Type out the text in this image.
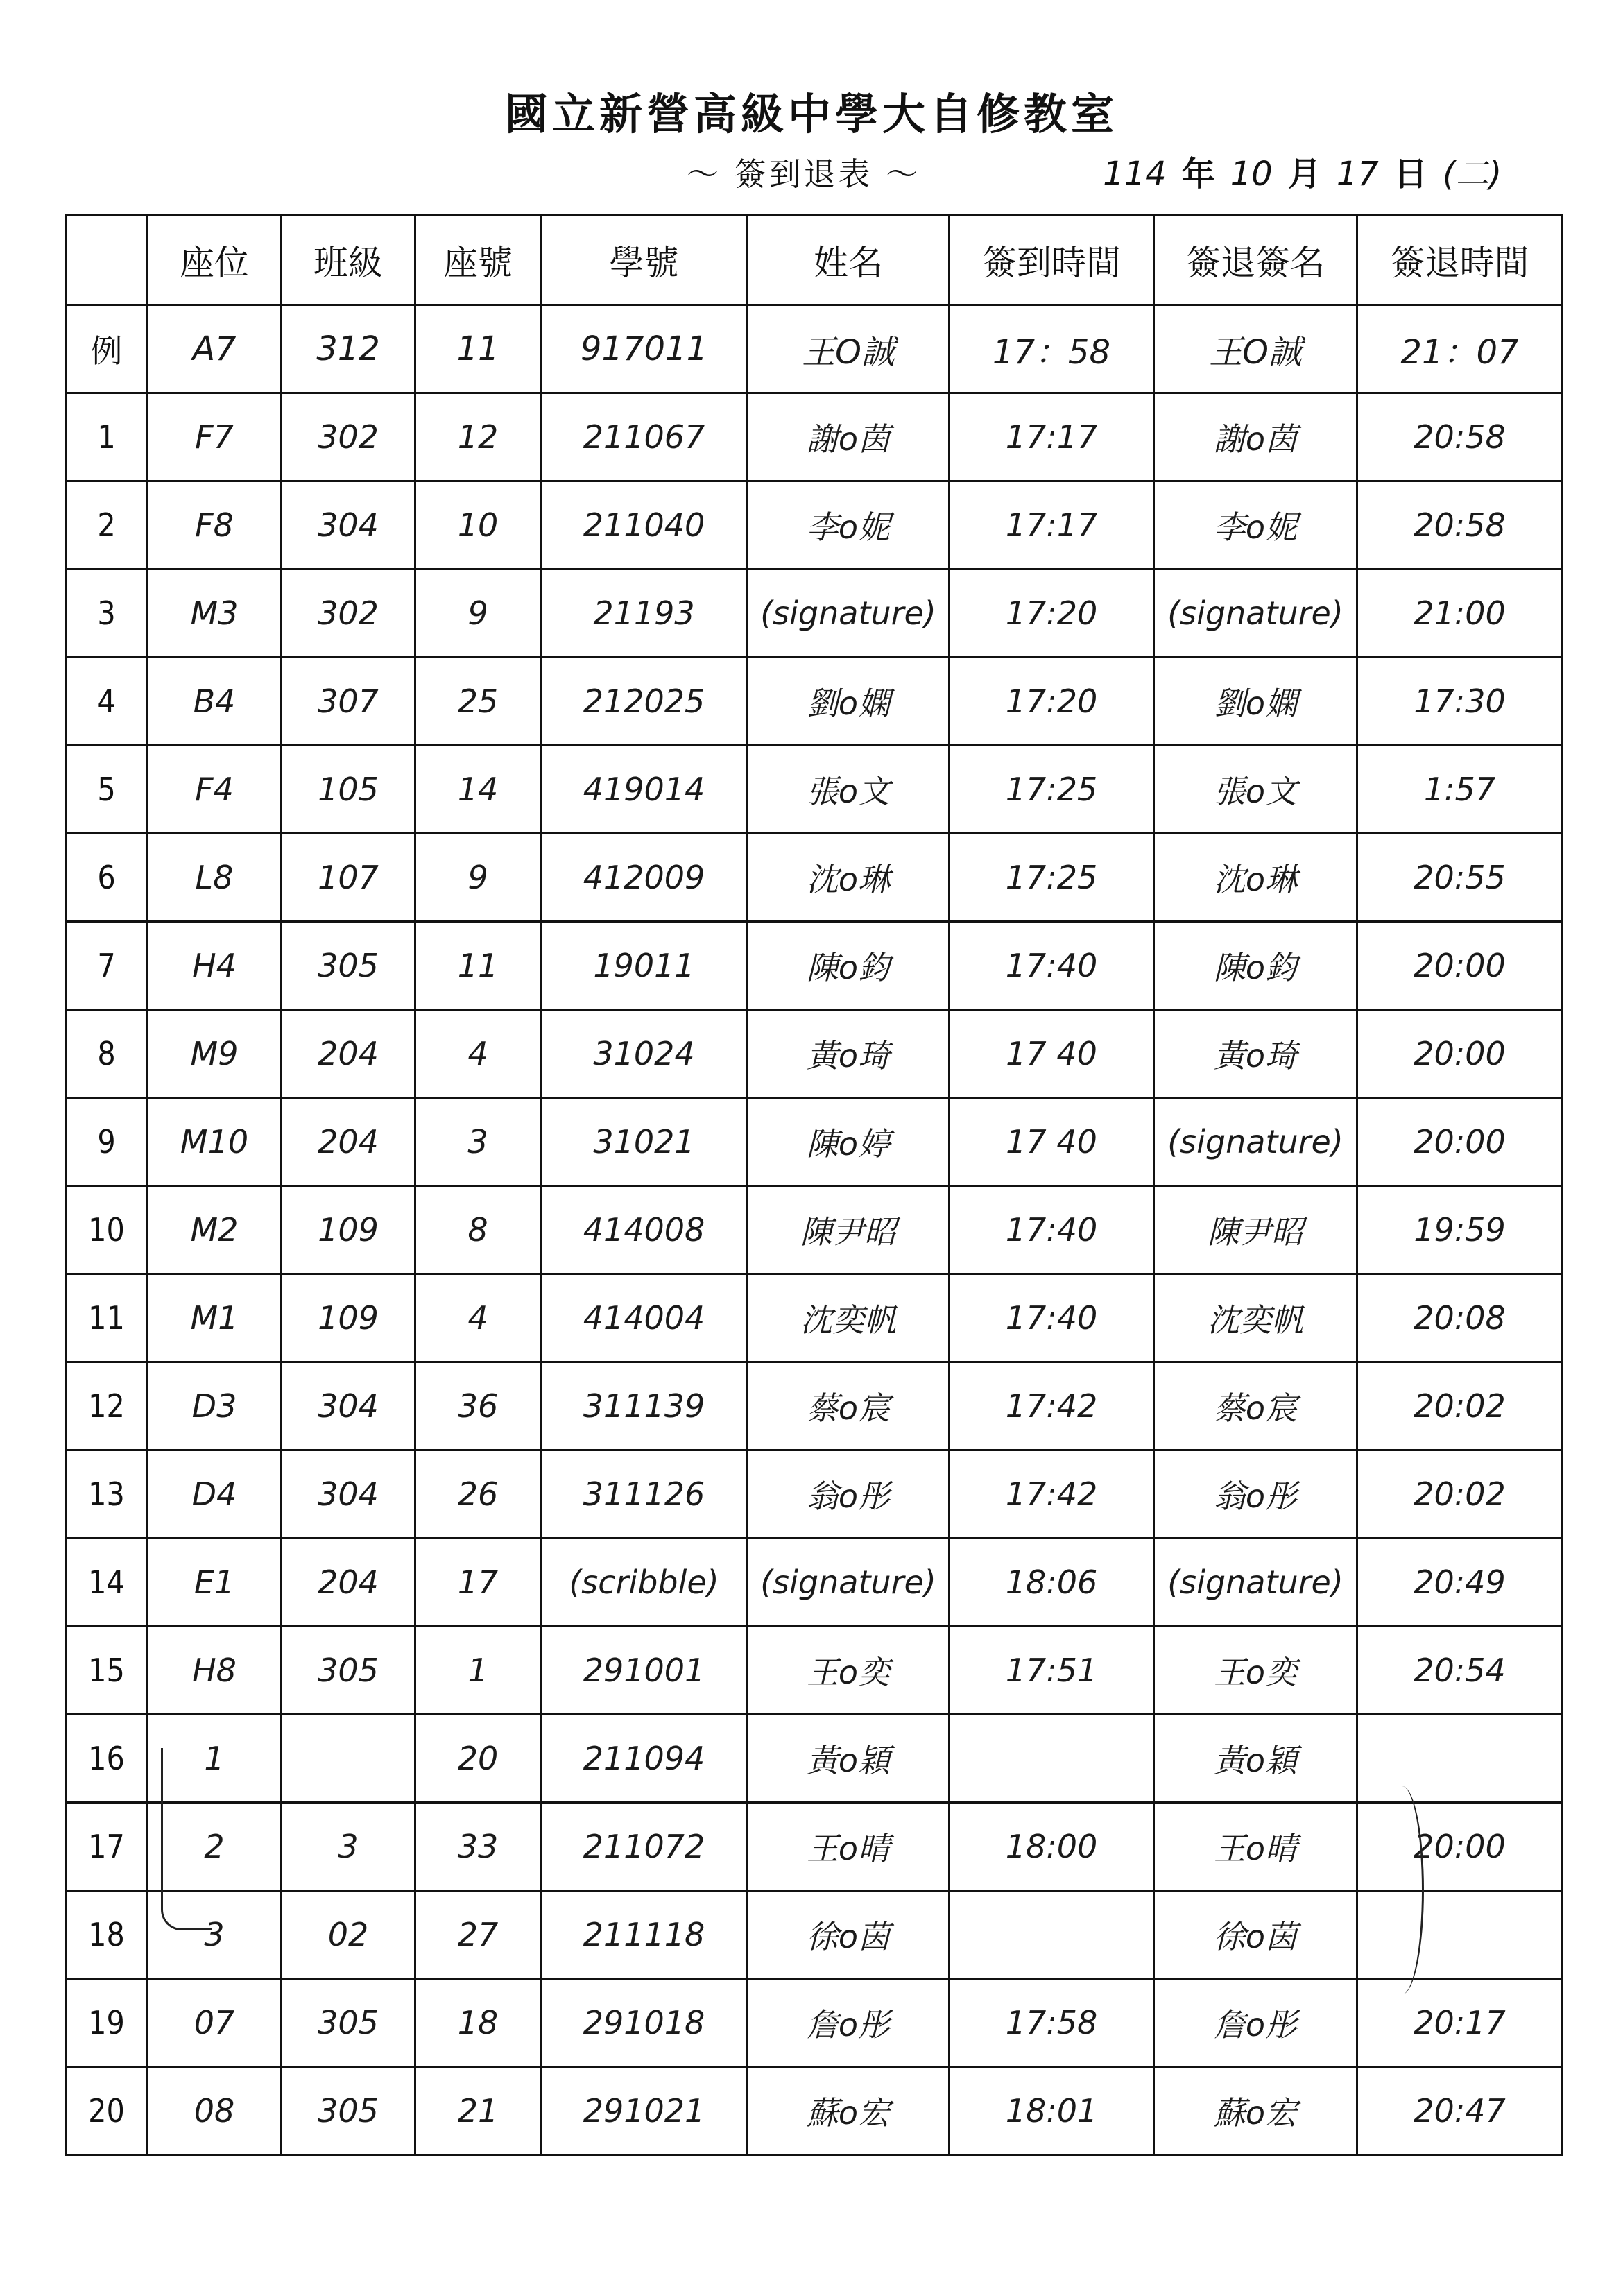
國立新營高級中學大自修教室
～ 簽到退表 ～	114 年 10 月 17 日 (二)
	座位	班級	座號	學號	姓名	簽到時間	簽退簽名	簽退時間
例	A7	312	11	917011	王O誠	17：58	王O誠	21：07
1	F7	302	12	211067	謝o茵	17:17	謝o茵	20:58
2	F8	304	10	211040	李o妮	17:17	李o妮	20:58
3	M3	302	9	21193	(signature)	17:20	(signature)	21:00
4	B4	307	25	212025	劉o嫻	17:20	劉o嫻	17:30
5	F4	105	14	419014	張o文	17:25	張o文	1:57
6	L8	107	9	412009	沈o琳	17:25	沈o琳	20:55
7	H4	305	11	19011	陳o鈞	17:40	陳o鈞	20:00
8	M9	204	4	31024	黃o琦	17 40	黃o琦	20:00
9	M10	204	3	31021	陳o婷	17 40	(signature)	20:00
10	M2	109	8	414008	陳尹昭	17:40	陳尹昭	19:59
11	M1	109	4	414004	沈奕帆	17:40	沈奕帆	20:08
12	D3	304	36	311139	蔡o宸	17:42	蔡o宸	20:02
13	D4	304	26	311126	翁o彤	17:42	翁o彤	20:02
14	E1	204	17	(scribble)	(signature)	18:06	(signature)	20:49
15	H8	305	1	291001	王o奕	17:51	王o奕	20:54
16	1		20	211094	黃o穎		黃o穎	
17	2	3	33	211072	王o晴	18:00	王o晴	20:00
18	3	02	27	211118	徐o茵		徐o茵	
19	07	305	18	291018	詹o彤	17:58	詹o彤	20:17
20	08	305	21	291021	蘇o宏	18:01	蘇o宏	20:47
